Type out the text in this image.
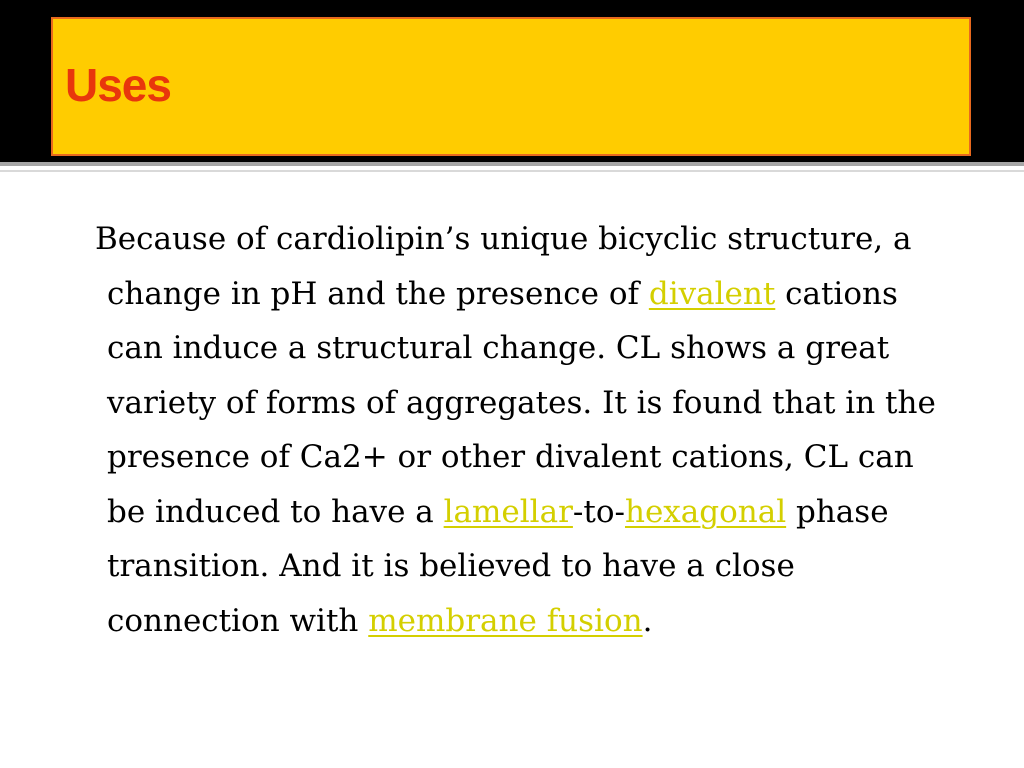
Uses

Because of cardiolipin’s unique bicyclic structure, a change in pH and the presence of divalent cations can induce a structural change. CL shows a great variety of forms of aggregates. It is found that in the presence of Ca2+ or other divalent cations, CL can be induced to have a lamellar-to-hexagonal phase transition. And it is believed to have a close connection with membrane fusion.
